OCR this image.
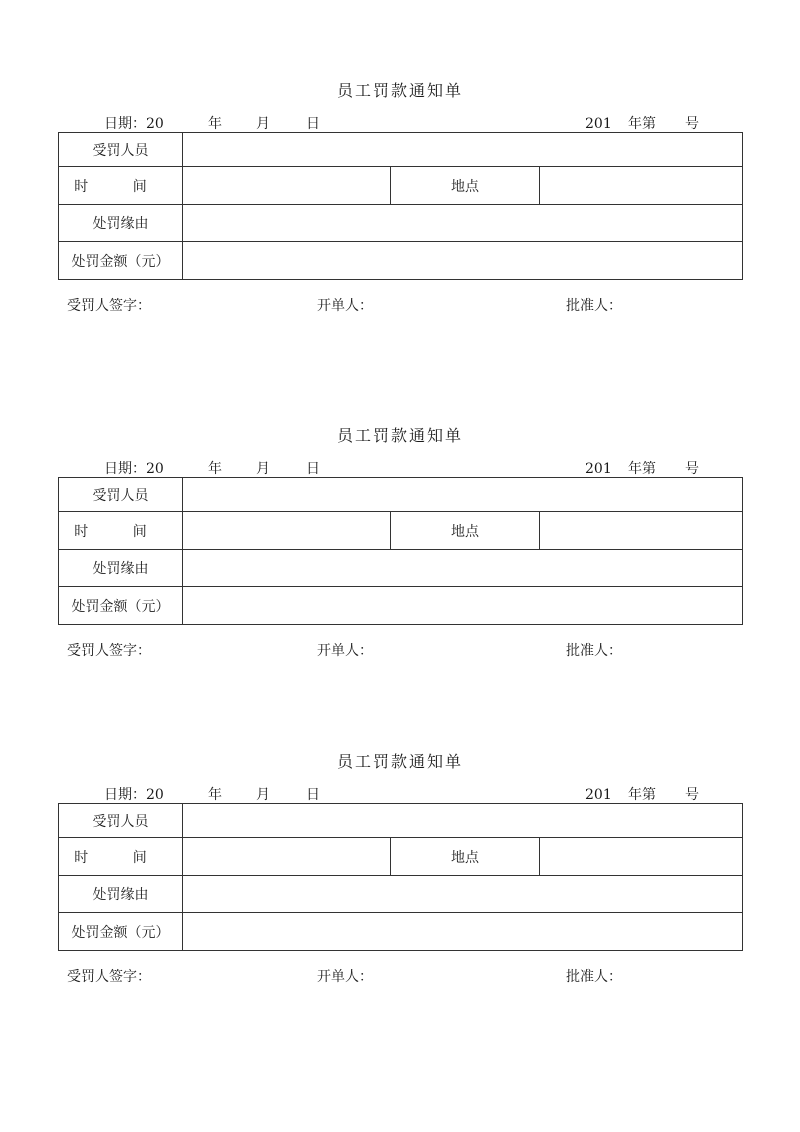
员工罚款通知单
日期：20	年 月	日	201 年第 号
受罚人员			
时 间		地点	
处罚缘由			
处罚金额（元）			
受罚人签字：	开单人：	批准人：
员工罚款通知单
日期：20	年 月	日	201 年第 号
受罚人员			
时 间		地点	
处罚缘由			
处罚金额（元）			
受罚人签字：	开单人：	批准人：
员工罚款通知单
日期：20	年 月	日	201 年第 号
受罚人员			
时 间		地点	
处罚缘由			
处罚金额（元）			
受罚人签字：	开单人：	批准人：
